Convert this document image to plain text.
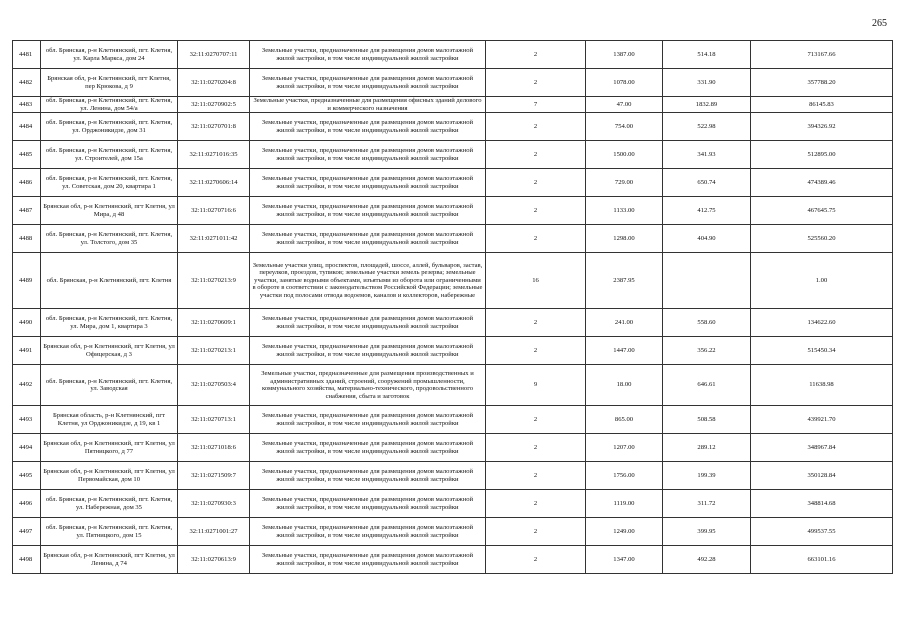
265
4481	обл. Брянская, р-н Клетнянский, пгт. Клетня, ул. Карла Маркса, дом 24	32:11:0270707:11	Земельные участки, предназначенные для размещения домов малоэтажной жилой застройки, в том числе индивидуальной жилой застройки	2	1387.00	514.18	713167.66
4482	Брянская обл, р-н Клетнянский, пгт Клетня, пер Крюкова, д 9	32:11:0270204:8	Земельные участки, предназначенные для размещения домов малоэтажной жилой застройки, в том числе индивидуальной жилой застройки	2	1078.00	331.90	357788.20
4483	обл. Брянская, р-н Клетнянский, пгт. Клетня, ул. Ленина, дом 54/а	32:11:0270902:5	Земельные участки, предназначенные для размещения офисных зданий делового и коммерческого назначения	7	47.00	1832.89	86145.83
4484	обл. Брянская, р-н Клетнянский, пгт. Клетня, ул. Орджоникидзе, дом 31	32:11:0270701:8	Земельные участки, предназначенные для размещения домов малоэтажной жилой застройки, в том числе индивидуальной жилой застройки	2	754.00	522.98	394326.92
4485	обл. Брянская, р-н Клетнянский, пгт. Клетня, ул. Строителей, дом 15а	32:11:0271016:35	Земельные участки, предназначенные для размещения домов малоэтажной жилой застройки, в том числе индивидуальной жилой застройки	2	1500.00	341.93	512895.00
4486	обл. Брянская, р-н Клетнянский, пгт. Клетня, ул. Советская, дом 20, квартира 1	32:11:0270606:14	Земельные участки, предназначенные для размещения домов малоэтажной жилой застройки, в том числе индивидуальной жилой застройки	2	729.00	650.74	474389.46
4487	Брянская обл, р-н Клетнянский, пгт Клетня, ул Мира, д 48	32:11:0270716:6	Земельные участки, предназначенные для размещения домов малоэтажной жилой застройки, в том числе индивидуальной жилой застройки	2	1133.00	412.75	467645.75
4488	обл. Брянская, р-н Клетнянский, пгт. Клетня, ул. Толстого, дом 35	32:11:0271011:42	Земельные участки, предназначенные для размещения домов малоэтажной жилой застройки, в том числе индивидуальной жилой застройки	2	1298.00	404.90	525560.20
4489	обл. Брянская, р-н Клетнянский, пгт. Клетня	32:11:0270213:9	Земельные участки улиц, проспектов, площадей, шоссе, аллей, бульваров, застав, переулков, проездов, тупиков; земельные участки земель резерва; земельные участки, занятые водными объектами, изъятыми из оборота или ограниченными в обороте в соответствии с законодательством Российской Федерации; земельные участки под полосами отвода водоемов, каналов и коллекторов, набережные	16	2387.95		1.00
4490	обл. Брянская, р-н Клетнянский, пгт. Клетня, ул. Мира, дом 1, квартира 3	32:11:0270609:1	Земельные участки, предназначенные для размещения домов малоэтажной жилой застройки, в том числе индивидуальной жилой застройки	2	241.00	558.60	134622.60
4491	Брянская обл, р-н Клетнянский, пгт Клетня, ул Офицерская, д 3	32:11:0270213:1	Земельные участки, предназначенные для размещения домов малоэтажной жилой застройки, в том числе индивидуальной жилой застройки	2	1447.00	356.22	515450.34
4492	обл. Брянская, р-н Клетнянский, пгт. Клетня, ул. Заводская	32:11:0270503:4	Земельные участки, предназначенные для размещения производственных и административных зданий, строений, сооружений промышленности, коммунального хозяйства, материально-технического, продовольственного снабжения, сбыта и заготовок	9	18.00	646.61	11638.98
4493	Брянская область, р-н Клетнянский, пгт Клетня, ул Орджоникидзе, д 19, кв 1	32:11:0270713:1	Земельные участки, предназначенные для размещения домов малоэтажной жилой застройки, в том числе индивидуальной жилой застройки	2	865.00	508.58	439921.70
4494	Брянская обл, р-н Клетнянский, пгт Клетня, ул Пятницкого, д 77	32:11:0271018:6	Земельные участки, предназначенные для размещения домов малоэтажной жилой застройки, в том числе индивидуальной жилой застройки	2	1207.00	289.12	348967.84
4495	Брянская обл, р-н Клетнянский, пгт Клетня, ул Первомайская, дом 10	32:11:0271509:7	Земельные участки, предназначенные для размещения домов малоэтажной жилой застройки, в том числе индивидуальной жилой застройки	2	1756.00	199.39	350128.84
4496	обл. Брянская, р-н Клетнянский, пгт. Клетня, ул. Набережная, дом 35	32:11:0270930:3	Земельные участки, предназначенные для размещения домов малоэтажной жилой застройки, в том числе индивидуальной жилой застройки	2	1119.00	311.72	348814.68
4497	обл. Брянская, р-н Клетнянский, пгт. Клетня, ул. Пятницкого, дом 15	32:11:0271001:27	Земельные участки, предназначенные для размещения домов малоэтажной жилой застройки, в том числе индивидуальной жилой застройки	2	1249.00	399.95	499537.55
4498	Брянская обл, р-н Клетнянский, пгт Клетня, ул Ленина, д 74	32:11:0270613:9	Земельные участки, предназначенные для размещения домов малоэтажной жилой застройки, в том числе индивидуальной жилой застройки	2	1347.00	492.28	663101.16
